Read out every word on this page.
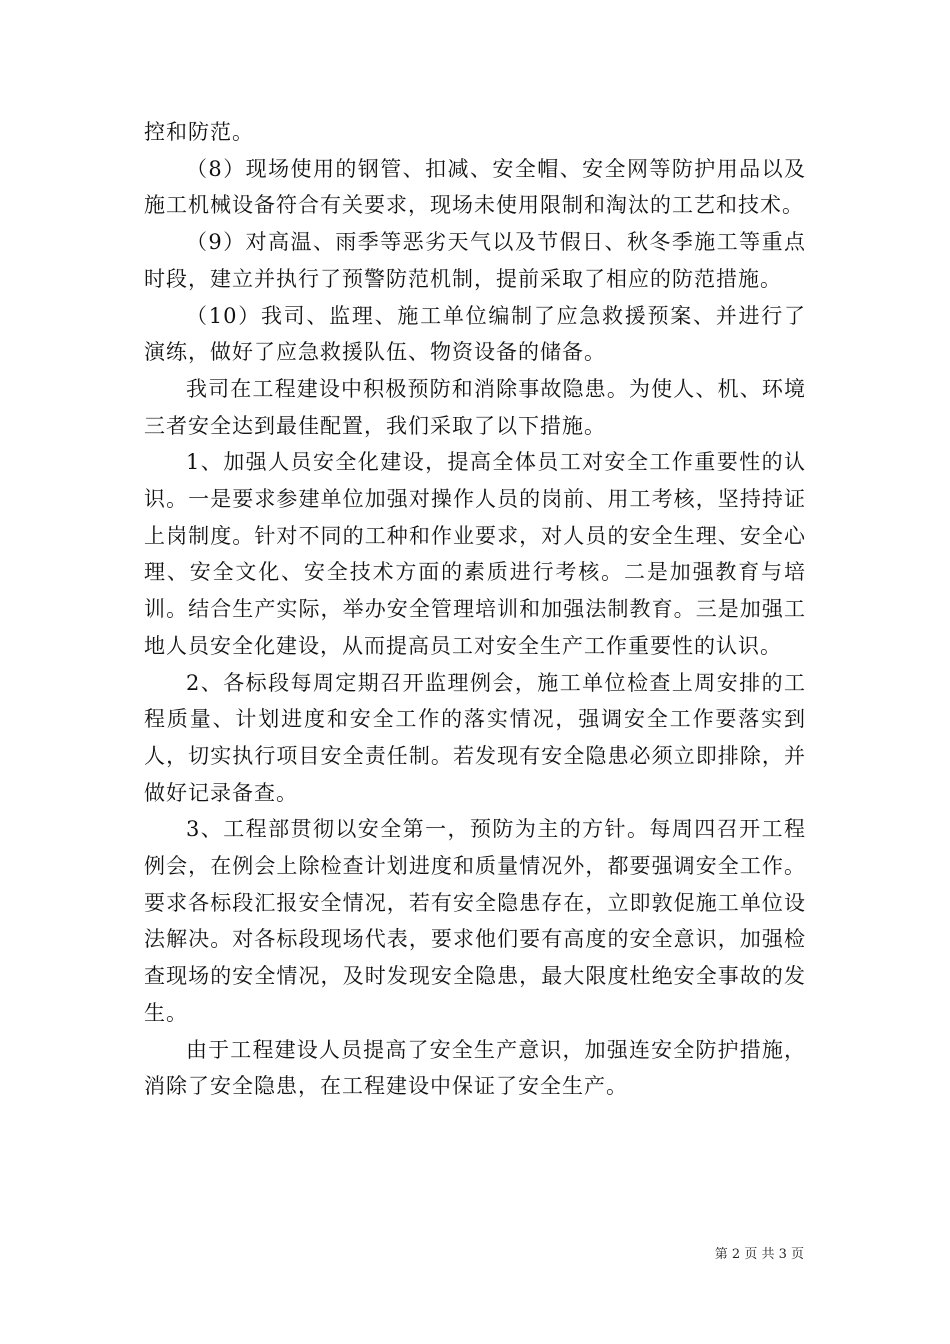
控和防范。

（8）现场使用的钢管、扣减、安全帽、安全网等防护用品以及施工机械设备符合有关要求，现场未使用限制和淘汰的工艺和技术。

（9）对高温、雨季等恶劣天气以及节假日、秋冬季施工等重点时段，建立并执行了预警防范机制，提前采取了相应的防范措施。

（10）我司、监理、施工单位编制了应急救援预案、并进行了演练，做好了应急救援队伍、物资设备的储备。

我司在工程建设中积极预防和消除事故隐患。为使人、机、环境三者安全达到最佳配置，我们采取了以下措施。

1、加强人员安全化建设，提高全体员工对安全工作重要性的认识。一是要求参建单位加强对操作人员的岗前、用工考核，坚持持证上岗制度。针对不同的工种和作业要求，对人员的安全生理、安全心理、安全文化、安全技术方面的素质进行考核。二是加强教育与培训。结合生产实际，举办安全管理培训和加强法制教育。三是加强工地人员安全化建设，从而提高员工对安全生产工作重要性的认识。

2、各标段每周定期召开监理例会，施工单位检查上周安排的工程质量、计划进度和安全工作的落实情况，强调安全工作要落实到人，切实执行项目安全责任制。若发现有安全隐患必须立即排除，并做好记录备查。

3、工程部贯彻以安全第一，预防为主的方针。每周四召开工程例会，在例会上除检查计划进度和质量情况外，都要强调安全工作。要求各标段汇报安全情况，若有安全隐患存在，立即敦促施工单位设法解决。对各标段现场代表，要求他们要有高度的安全意识，加强检查现场的安全情况，及时发现安全隐患，最大限度杜绝安全事故的发生。

由于工程建设人员提高了安全生产意识，加强连安全防护措施，消除了安全隐患，在工程建设中保证了安全生产。

第 2 页 共 3 页
